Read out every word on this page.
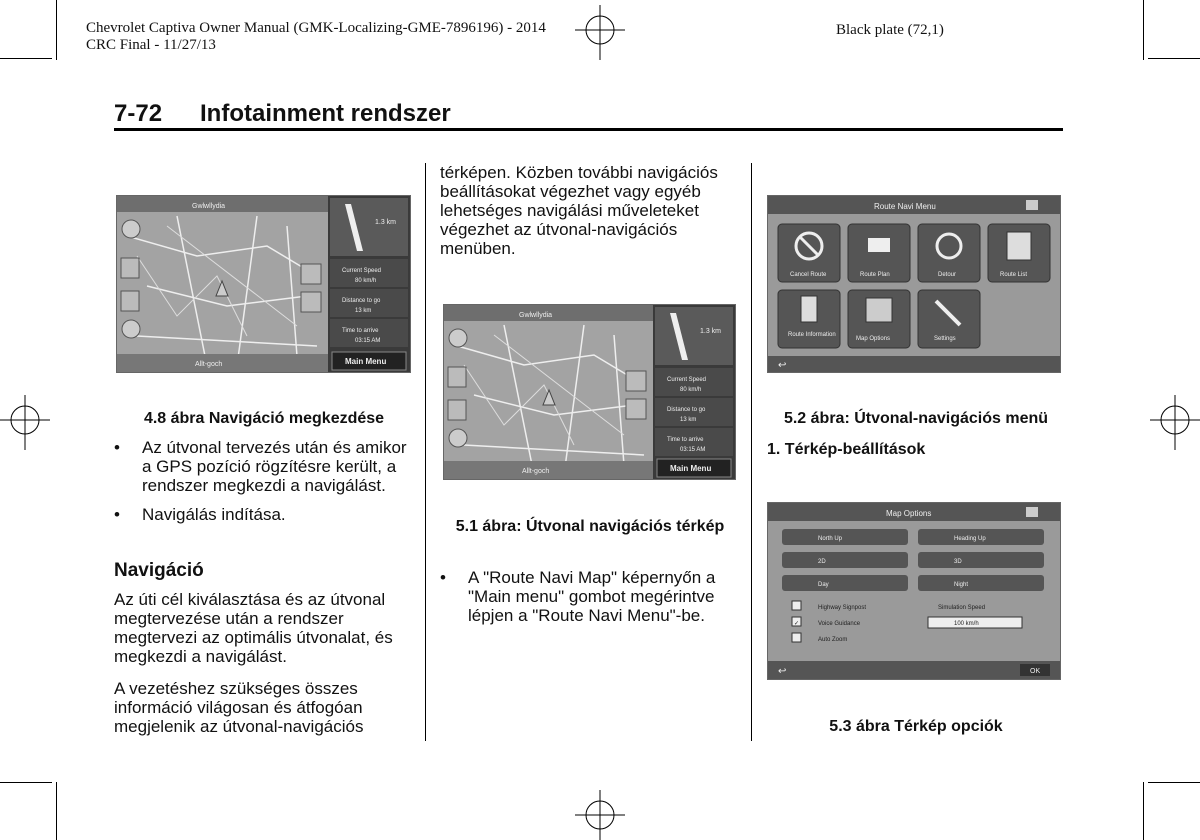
Chevrolet Captiva Owner Manual (GMK-Localizing-GME-7896196) - 2014
CRC Final - 11/27/13
Black plate (72,1)
7-72 Infotainment rendszer
Gwlwllydia
Allt-goch
1.3 km
Current Speed
80 km/h
Distance to go
13 km
Time to arrive
03:15 AM
Main Menu
4.8 ábra Navigáció megkezdése
• Az útvonal tervezés után és amikor a GPS pozíció rögzítésre került, a rendszer megkezdi a navigálást.
• Navigálás indítása.
Navigáció
Az úti cél kiválasztása és az útvonal megtervezése után a rendszer megtervezi az optimális útvonalat, és megkezdi a navigálást.
A vezetéshez szükséges összes információ világosan és átfogóan megjelenik az útvonal-navigációs
térképen. Közben további navigációs beállításokat végezhet vagy egyéb lehetséges navigálási műveleteket végezhet az útvonal-navigációs menüben.
Gwlwllydia
Allt-goch
1.3 km
Current Speed
80 km/h
Distance to go
13 km
Time to arrive
03:15 AM
Main Menu
5.1 ábra: Útvonal navigációs térkép
• A "Route Navi Map" képernyőn a "Main menu" gombot megérintve lépjen a "Route Navi Menu"-be.
Route Navi Menu
Cancel Route	Route Plan	Detour	Route List
Route Information
Map Options	Settings
↩
5.2 ábra: Útvonal-navigációs menü
1. Térkép-beállítások
Map Options
North Up	Heading Up
2D	3D
Day	Night
Highway Signpost
✓	Voice Guidance
Auto Zoom
Simulation Speed
100 km/h
↩	OK
5.3 ábra Térkép opciók
